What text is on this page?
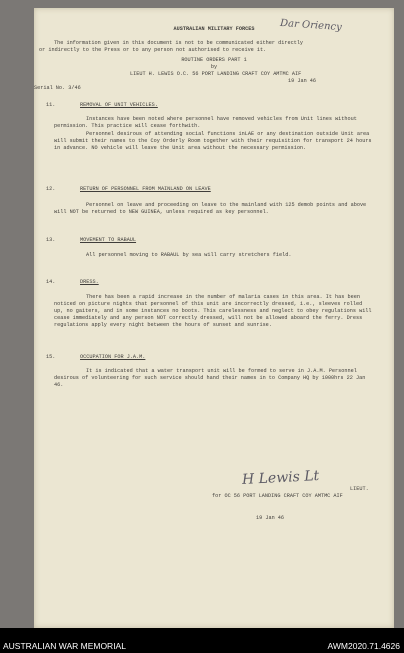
Dar Oriency
AUSTRALIAN MILITARY FORCES
The information given in this document is not to be communicated either directly
or indirectly to the Press or to any person not authorised to receive it.
ROUTINE ORDERS PART 1
by
LIEUT H. LEWIS O.C. 56 PORT LANDING CRAFT COY AMTMC AIF
19 Jan 46
Serial No. 3/46
11.	REMOVAL OF UNIT VEHICLES.
Instances have been noted where personnel have removed vehicles from Unit lines without permission. This practice will cease forthwith.
Personnel desirous of attending social functions inLAE or any destination outside Unit area will submit their names to the Coy Orderly Room together with their requisition for transport 24 hours in advance. NO vehicle will leave the Unit area without the necessary permission.
12.	RETURN OF PERSONNEL FROM MAINLAND ON LEAVE
Personnel on leave and proceeding on leave to the mainland with 125 demob points and above will NOT be returned to NEW GUINEA, unless required as key personnel.
13.	MOVEMENT TO RABAUL
All personnel moving to RABAUL by sea will carry stretchers field.
14.	DRESS.
There has been a rapid increase in the number of malaria cases in this area. It has been noticed on picture nights that personnel of this unit are incorrectly dressed, i.e., sleeves rolled up, no gaiters, and in some instances no boots. This carelessness and neglect to obey regulations will cease immediately and any person NOT correctly dressed, will not be allowed aboard the ferry. Dress regulations apply every night between the hours of sunset and sunrise.
15.	OCCUPATION FOR J.A.M.
It is indicated that a water transport unit will be formed to serve in J.A.M. Personnel desirous of volunteering for such service should hand their names in to Company HQ by 1000hrs 22 Jan 46.
H Lewis Lt
for OC 56 PORT LANDING CRAFT COY AMTMC AIF
LIEUT.
19 Jan 46
AUSTRALIAN WAR MEMORIAL	AWM2020.71.4626
